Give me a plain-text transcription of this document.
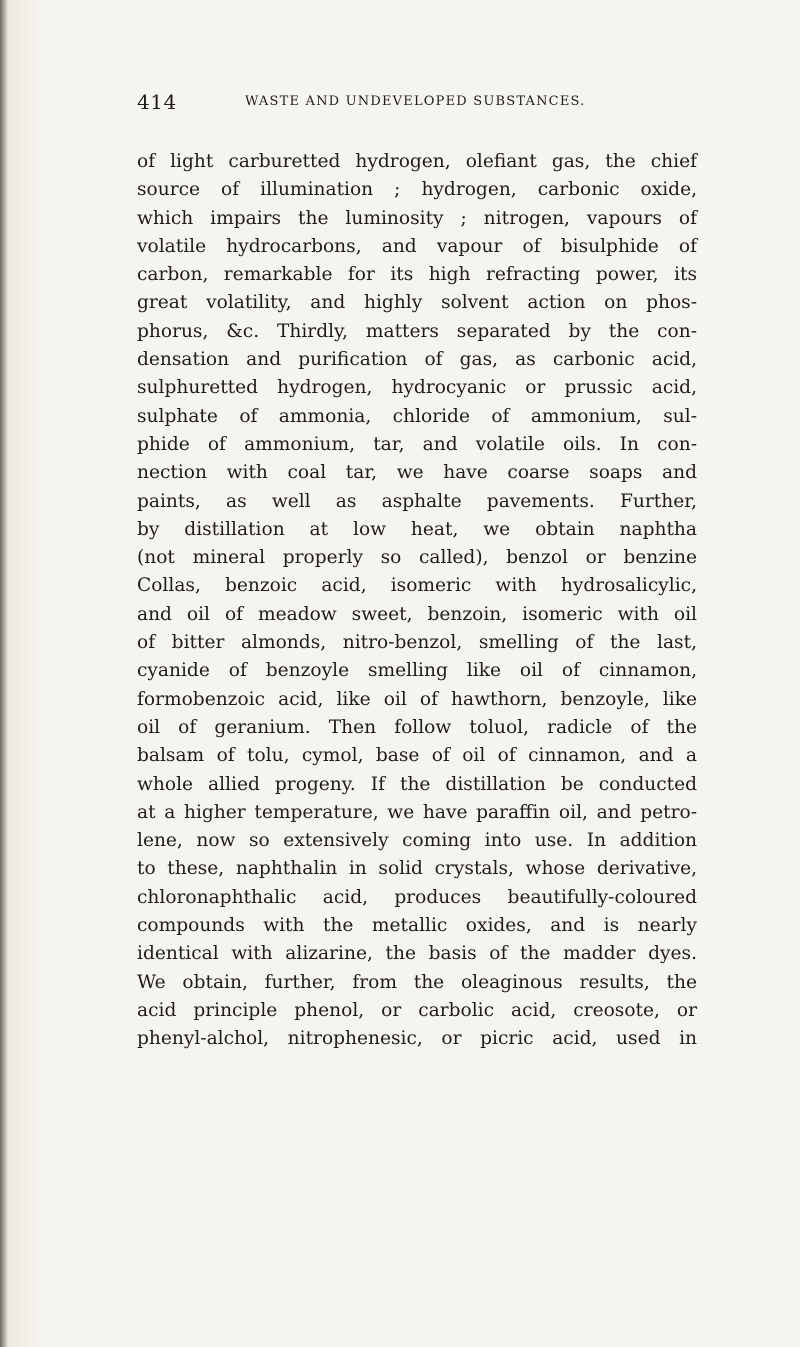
414	WASTE AND UNDEVELOPED SUBSTANCES.
of light carburetted hydrogen, olefiant gas, the chief
source of illumination ; hydrogen, carbonic oxide,
which impairs the luminosity ; nitrogen, vapours of
volatile hydrocarbons, and vapour of bisulphide of
carbon, remarkable for its high refracting power, its
great volatility, and highly solvent action on phos-
phorus, &c. Thirdly, matters separated by the con-
densation and purification of gas, as carbonic acid,
sulphuretted hydrogen, hydrocyanic or prussic acid,
sulphate of ammonia, chloride of ammonium, sul-
phide of ammonium, tar, and volatile oils. In con-
nection with coal tar, we have coarse soaps and
paints, as well as asphalte pavements. Further,
by distillation at low heat, we obtain naphtha
(not mineral properly so called), benzol or benzine
Collas, benzoic acid, isomeric with hydrosalicylic,
and oil of meadow sweet, benzoin, isomeric with oil
of bitter almonds, nitro-benzol, smelling of the last,
cyanide of benzoyle smelling like oil of cinnamon,
formobenzoic acid, like oil of hawthorn, benzoyle, like
oil of geranium. Then follow toluol, radicle of the
balsam of tolu, cymol, base of oil of cinnamon, and a
whole allied progeny. If the distillation be conducted
at a higher temperature, we have paraffin oil, and petro-
lene, now so extensively coming into use. In addition
to these, naphthalin in solid crystals, whose derivative,
chloronaphthalic acid, produces beautifully-coloured
compounds with the metallic oxides, and is nearly
identical with alizarine, the basis of the madder dyes.
We obtain, further, from the oleaginous results, the
acid principle phenol, or carbolic acid, creosote, or
phenyl-alchol, nitrophenesic, or picric acid, used in
